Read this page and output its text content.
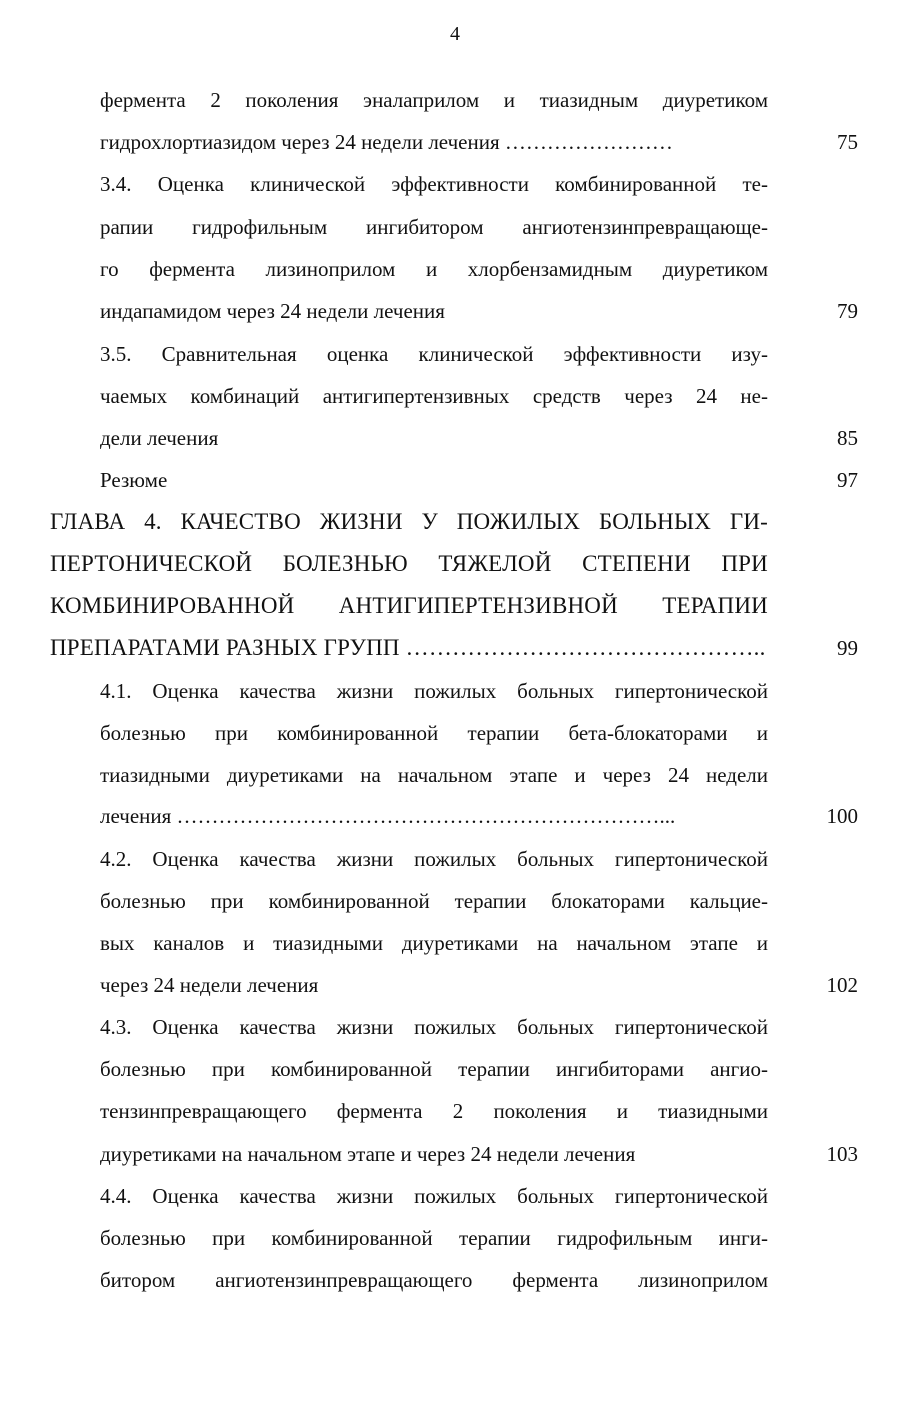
4
фермента 2 поколения эналаприлом и тиазидным диуретиком
гидрохлортиазидом через 24 недели лечения ……………………	75
3.4. Оценка клинической эффективности комбинированной те-
рапии гидрофильным ингибитором ангиотензинпревращающе-
го фермента лизиноприлом и хлорбензамидным диуретиком
индапамидом через 24 недели лечения	79
3.5. Сравнительная оценка клинической эффективности изу-
чаемых комбинаций антигипертензивных средств через 24 не-
дели лечения	85
Резюме	97
ГЛАВА 4. КАЧЕСТВО ЖИЗНИ У ПОЖИЛЫХ БОЛЬНЫХ ГИ-
ПЕРТОНИЧЕСКОЙ БОЛЕЗНЬЮ ТЯЖЕЛОЙ СТЕПЕНИ ПРИ
КОМБИНИРОВАННОЙ АНТИГИПЕРТЕНЗИВНОЙ ТЕРАПИИ
ПРЕПАРАТАМИ РАЗНЫХ ГРУПП ………………………………………..	99
4.1. Оценка качества жизни пожилых больных гипертонической
болезнью при комбинированной терапии бета-блокаторами и
тиазидными диуретиками на начальном этапе и через 24 недели
лечения ……………………………………………………………...	100
4.2. Оценка качества жизни пожилых больных гипертонической
болезнью при комбинированной терапии блокаторами кальцие-
вых каналов и тиазидными диуретиками на начальном этапе и
через 24 недели лечения	102
4.3. Оценка качества жизни пожилых больных гипертонической
болезнью при комбинированной терапии ингибиторами ангио-
тензинпревращающего фермента 2 поколения и тиазидными
диуретиками на начальном этапе и через 24 недели лечения	103
4.4. Оценка качества жизни пожилых больных гипертонической
болезнью при комбинированной терапии гидрофильным инги-
битором ангиотензинпревращающего фермента лизиноприлом
